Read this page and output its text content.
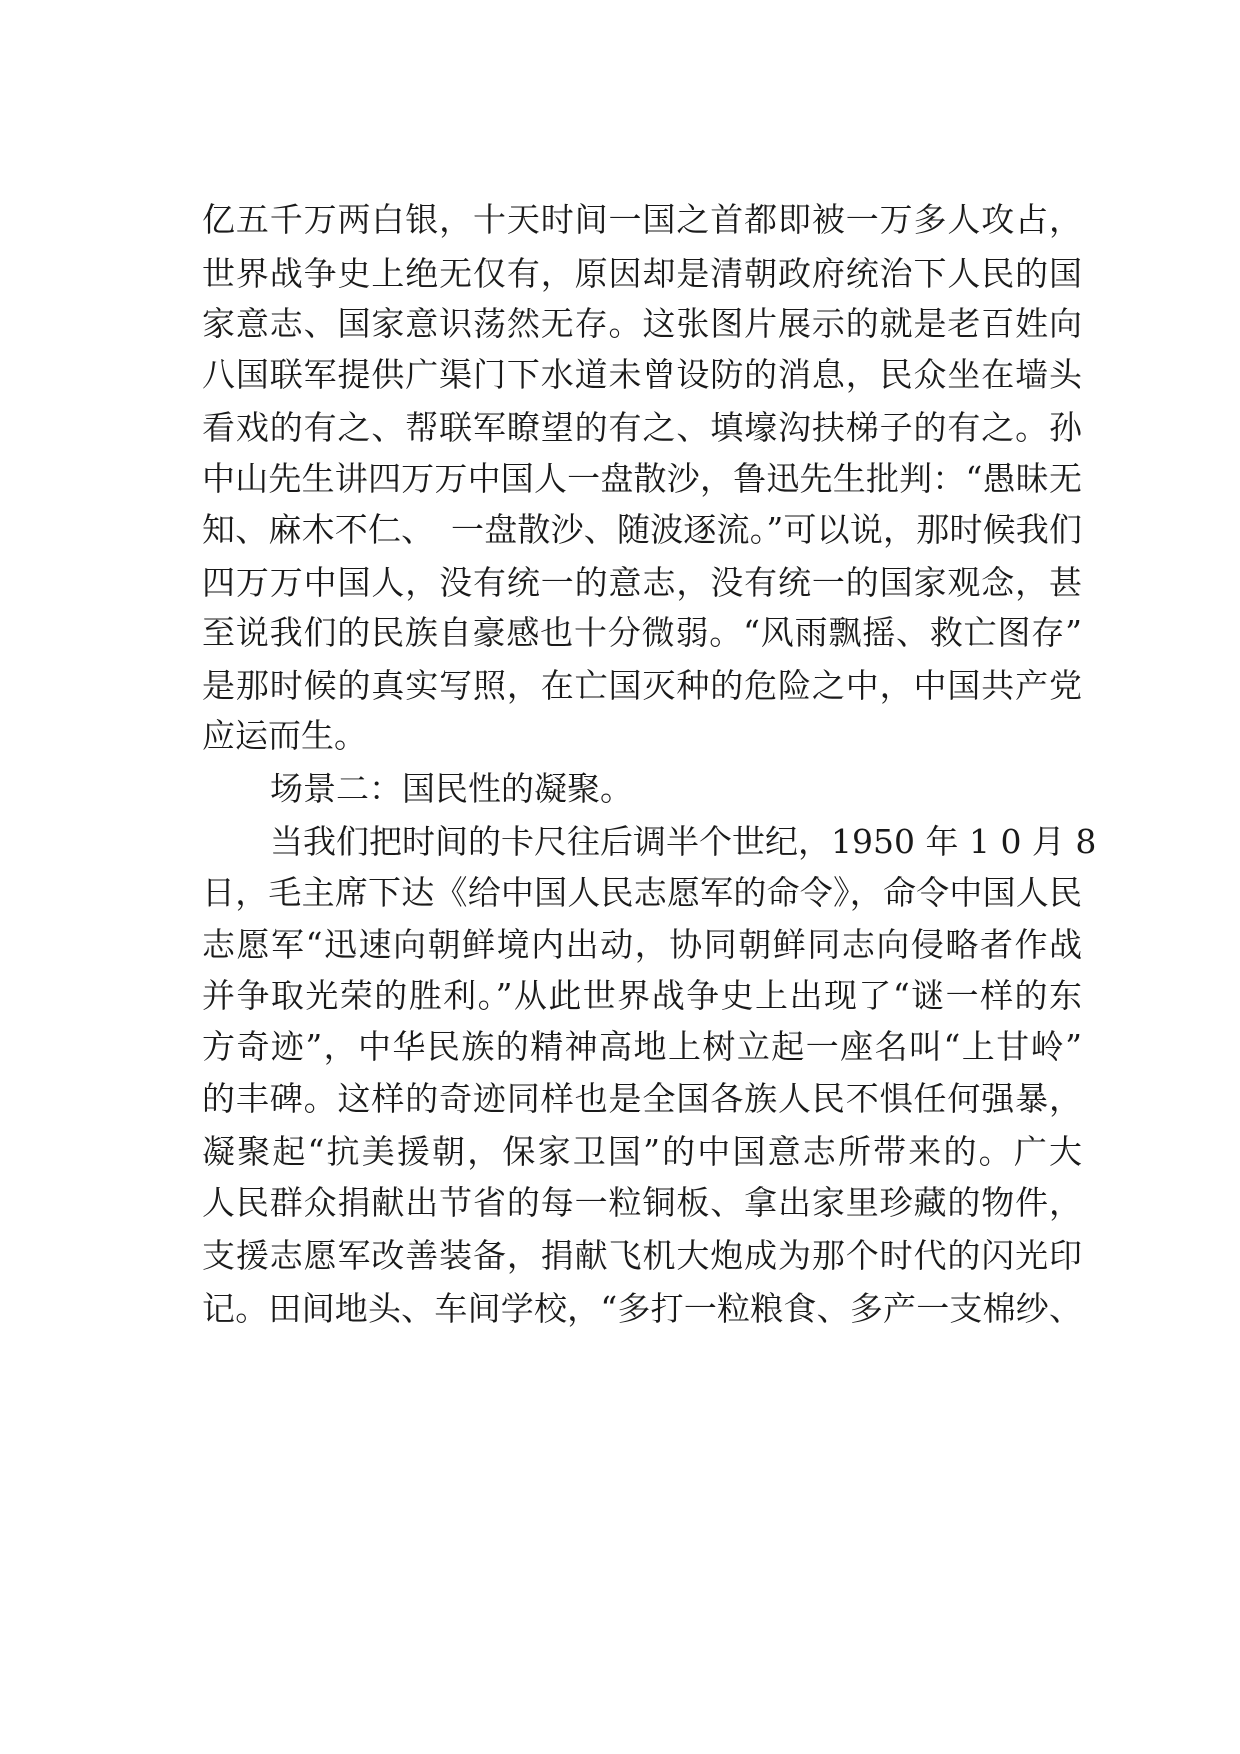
亿五千万两白银，十天时间一国之首都即被一万多人攻占，
世界战争史上绝无仅有，原因却是清朝政府统治下人民的国
家意志、国家意识荡然无存。这张图片展示的就是老百姓向
八国联军提供广渠门下水道未曾设防的消息，民众坐在墙头
看戏的有之、帮联军瞭望的有之、填壕沟扶梯子的有之。孙
中山先生讲四万万中国人一盘散沙，鲁迅先生批判：“愚昧无
知、麻木不仁、　一盘散沙、随波逐流。”可以说，那时候我们
四万万中国人，没有统一的意志，没有统一的国家观念，甚
至说我们的民族自豪感也十分微弱。“风雨飘摇、救亡图存”
是那时候的真实写照，在亡国灭种的危险之中，中国共产党
应运而生。
场景二：国民性的凝聚。
当我们把时间的卡尺往后调半个世纪，1950 年 1 0 月 8
日，毛主席下达《给中国人民志愿军的命令》，命令中国人民
志愿军“迅速向朝鲜境内出动，协同朝鲜同志向侵略者作战
并争取光荣的胜利。”从此世界战争史上出现了“谜一样的东
方奇迹”，中华民族的精神高地上树立起一座名叫“上甘岭”
的丰碑。这样的奇迹同样也是全国各族人民不惧任何强暴，
凝聚起“抗美援朝，保家卫国”的中国意志所带来的。广大
人民群众捐献出节省的每一粒铜板、拿出家里珍藏的物件，
支援志愿军改善装备，捐献飞机大炮成为那个时代的闪光印
记。田间地头、车间学校，“多打一粒粮食、多产一支棉纱、
